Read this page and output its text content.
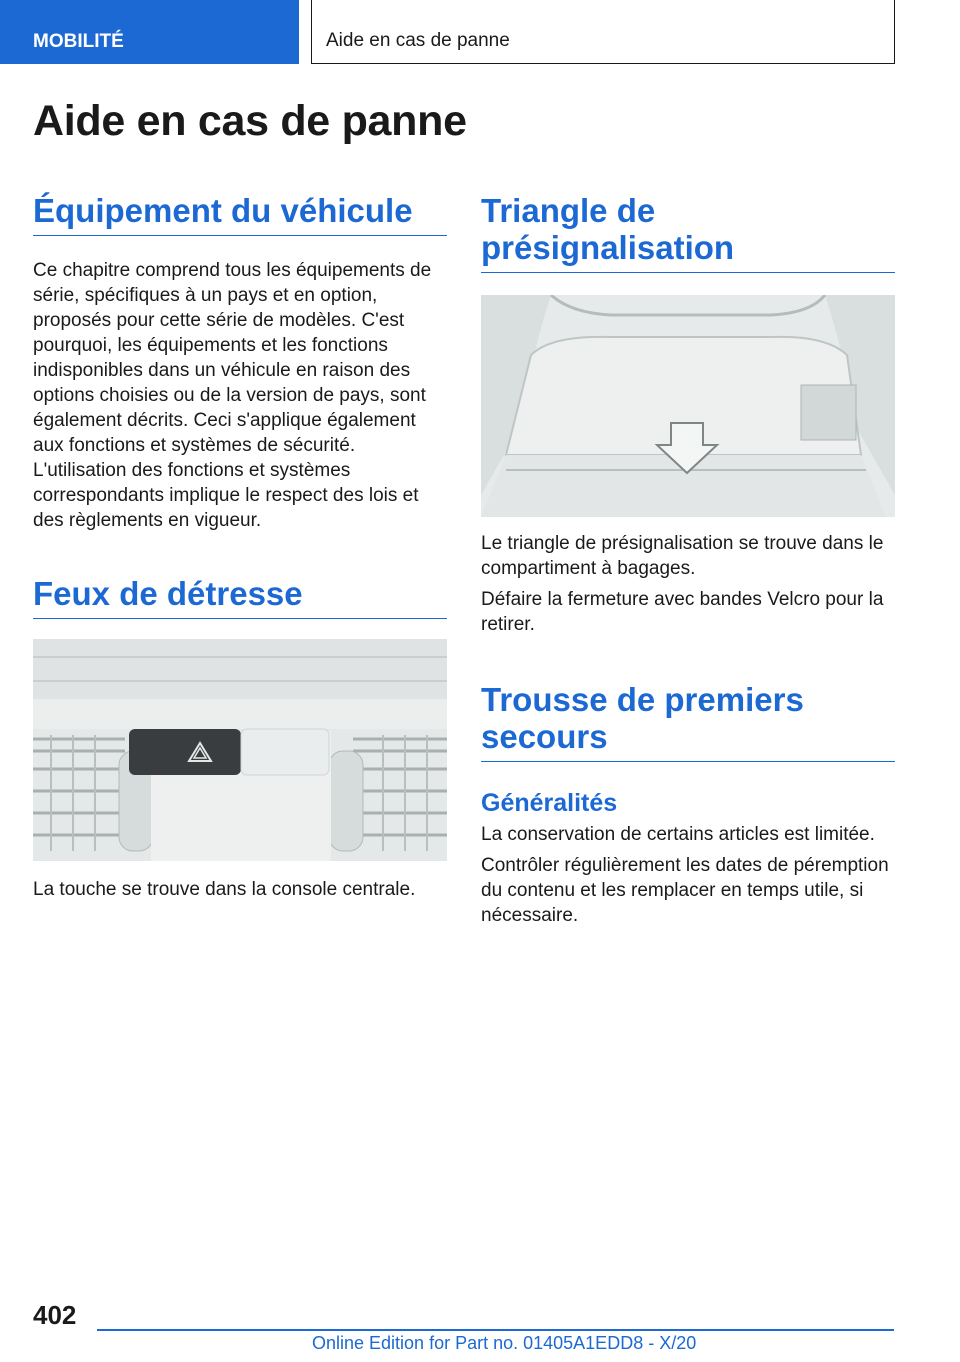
MOBILITÉ	Aide en cas de panne
Aide en cas de panne
Équipement du véhicule

Ce chapitre comprend tous les équipements de série, spécifiques à un pays et en option, proposés pour cette série de modèles. C'est pourquoi, les équipements et les fonctions indisponibles dans un véhicule en raison des options choisies ou de la version de pays, sont également décrits. Ceci s'applique également aux fonctions et systèmes de sécurité. L'utilisation des fonctions et systèmes correspondants implique le respect des lois et des règlements en vigueur.

Feux de détresse

La touche se trouve dans la console centrale.

Triangle de présignalisation

Le triangle de présignalisation se trouve dans le compartiment à bagages.

Défaire la fermeture avec bandes Velcro pour la retirer.

Trousse de premiers secours
Généralités

La conservation de certains articles est limitée.

Contrôler régulièrement les dates de péremption du contenu et les remplacer en temps utile, si nécessaire.

402
Online Edition for Part no. 01405A1EDD8 - X/20
